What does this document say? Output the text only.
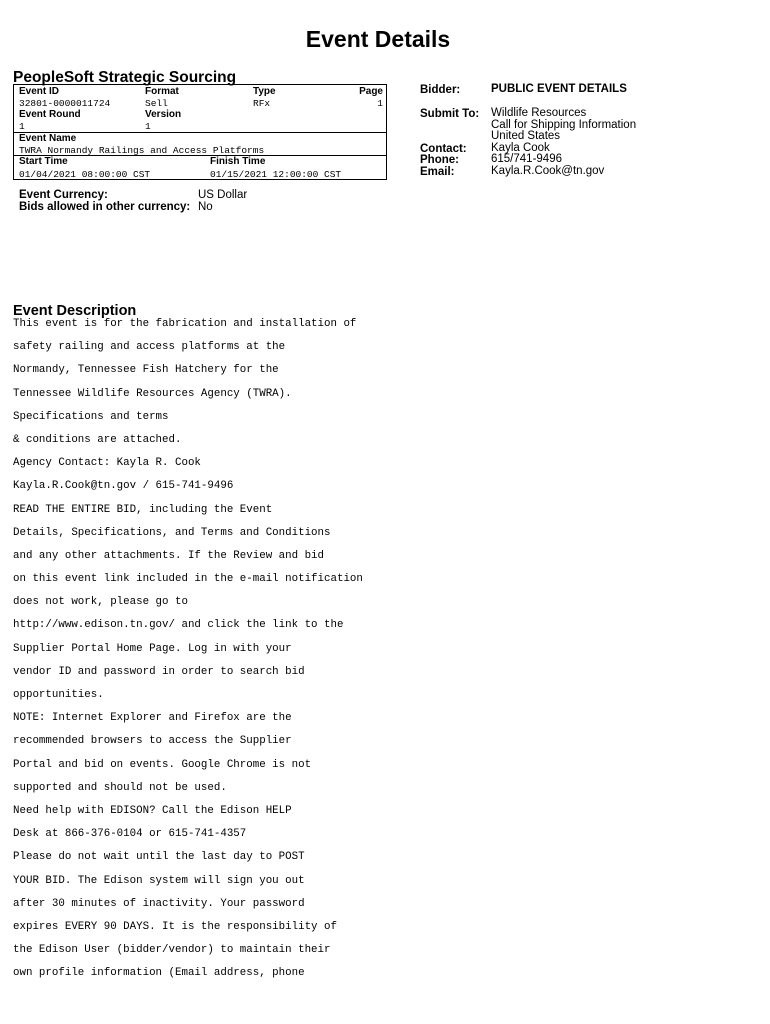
Event Details
PeopleSoft Strategic Sourcing
Event ID	Format	Type	Page
32801-0000011724	Sell	RFx	1
Event Round	Version
1	1
Event Name
TWRA Normandy Railings and Access Platforms
Start Time	Finish Time
01/04/2021 08:00:00 CST	01/15/2021 12:00:00 CST
Event Currency:	US Dollar
Bids allowed in other currency: No
Bidder:	PUBLIC EVENT DETAILS
Submit To: Wildlife Resources
Call for Shipping Information
United States
Contact: Kayla Cook
Phone:	615/741-9496
Email:	Kayla.R.Cook@tn.gov
Event Description
This event is for the fabrication and installation of
safety railing and access platforms at the
Normandy, Tennessee Fish Hatchery for the
Tennessee Wildlife Resources Agency (TWRA).
Specifications and terms
& conditions are attached.
Agency Contact: Kayla R. Cook
Kayla.R.Cook@tn.gov / 615-741-9496
READ THE ENTIRE BID, including the Event
Details, Specifications, and Terms and Conditions
and any other attachments. If the Review and bid
on this event link included in the e-mail notification
does not work, please go to
http://www.edison.tn.gov/ and click the link to the
Supplier Portal Home Page. Log in with your
vendor ID and password in order to search bid
opportunities.
NOTE: Internet Explorer and Firefox are the
recommended browsers to access the Supplier
Portal and bid on events. Google Chrome is not
supported and should not be used.
Need help with EDISON? Call the Edison HELP
Desk at 866-376-0104 or 615-741-4357
Please do not wait until the last day to POST
YOUR BID. The Edison system will sign you out
after 30 minutes of inactivity. Your password
expires EVERY 90 DAYS. It is the responsibility of
the Edison User (bidder/vendor) to maintain their
own profile information (Email address, phone
